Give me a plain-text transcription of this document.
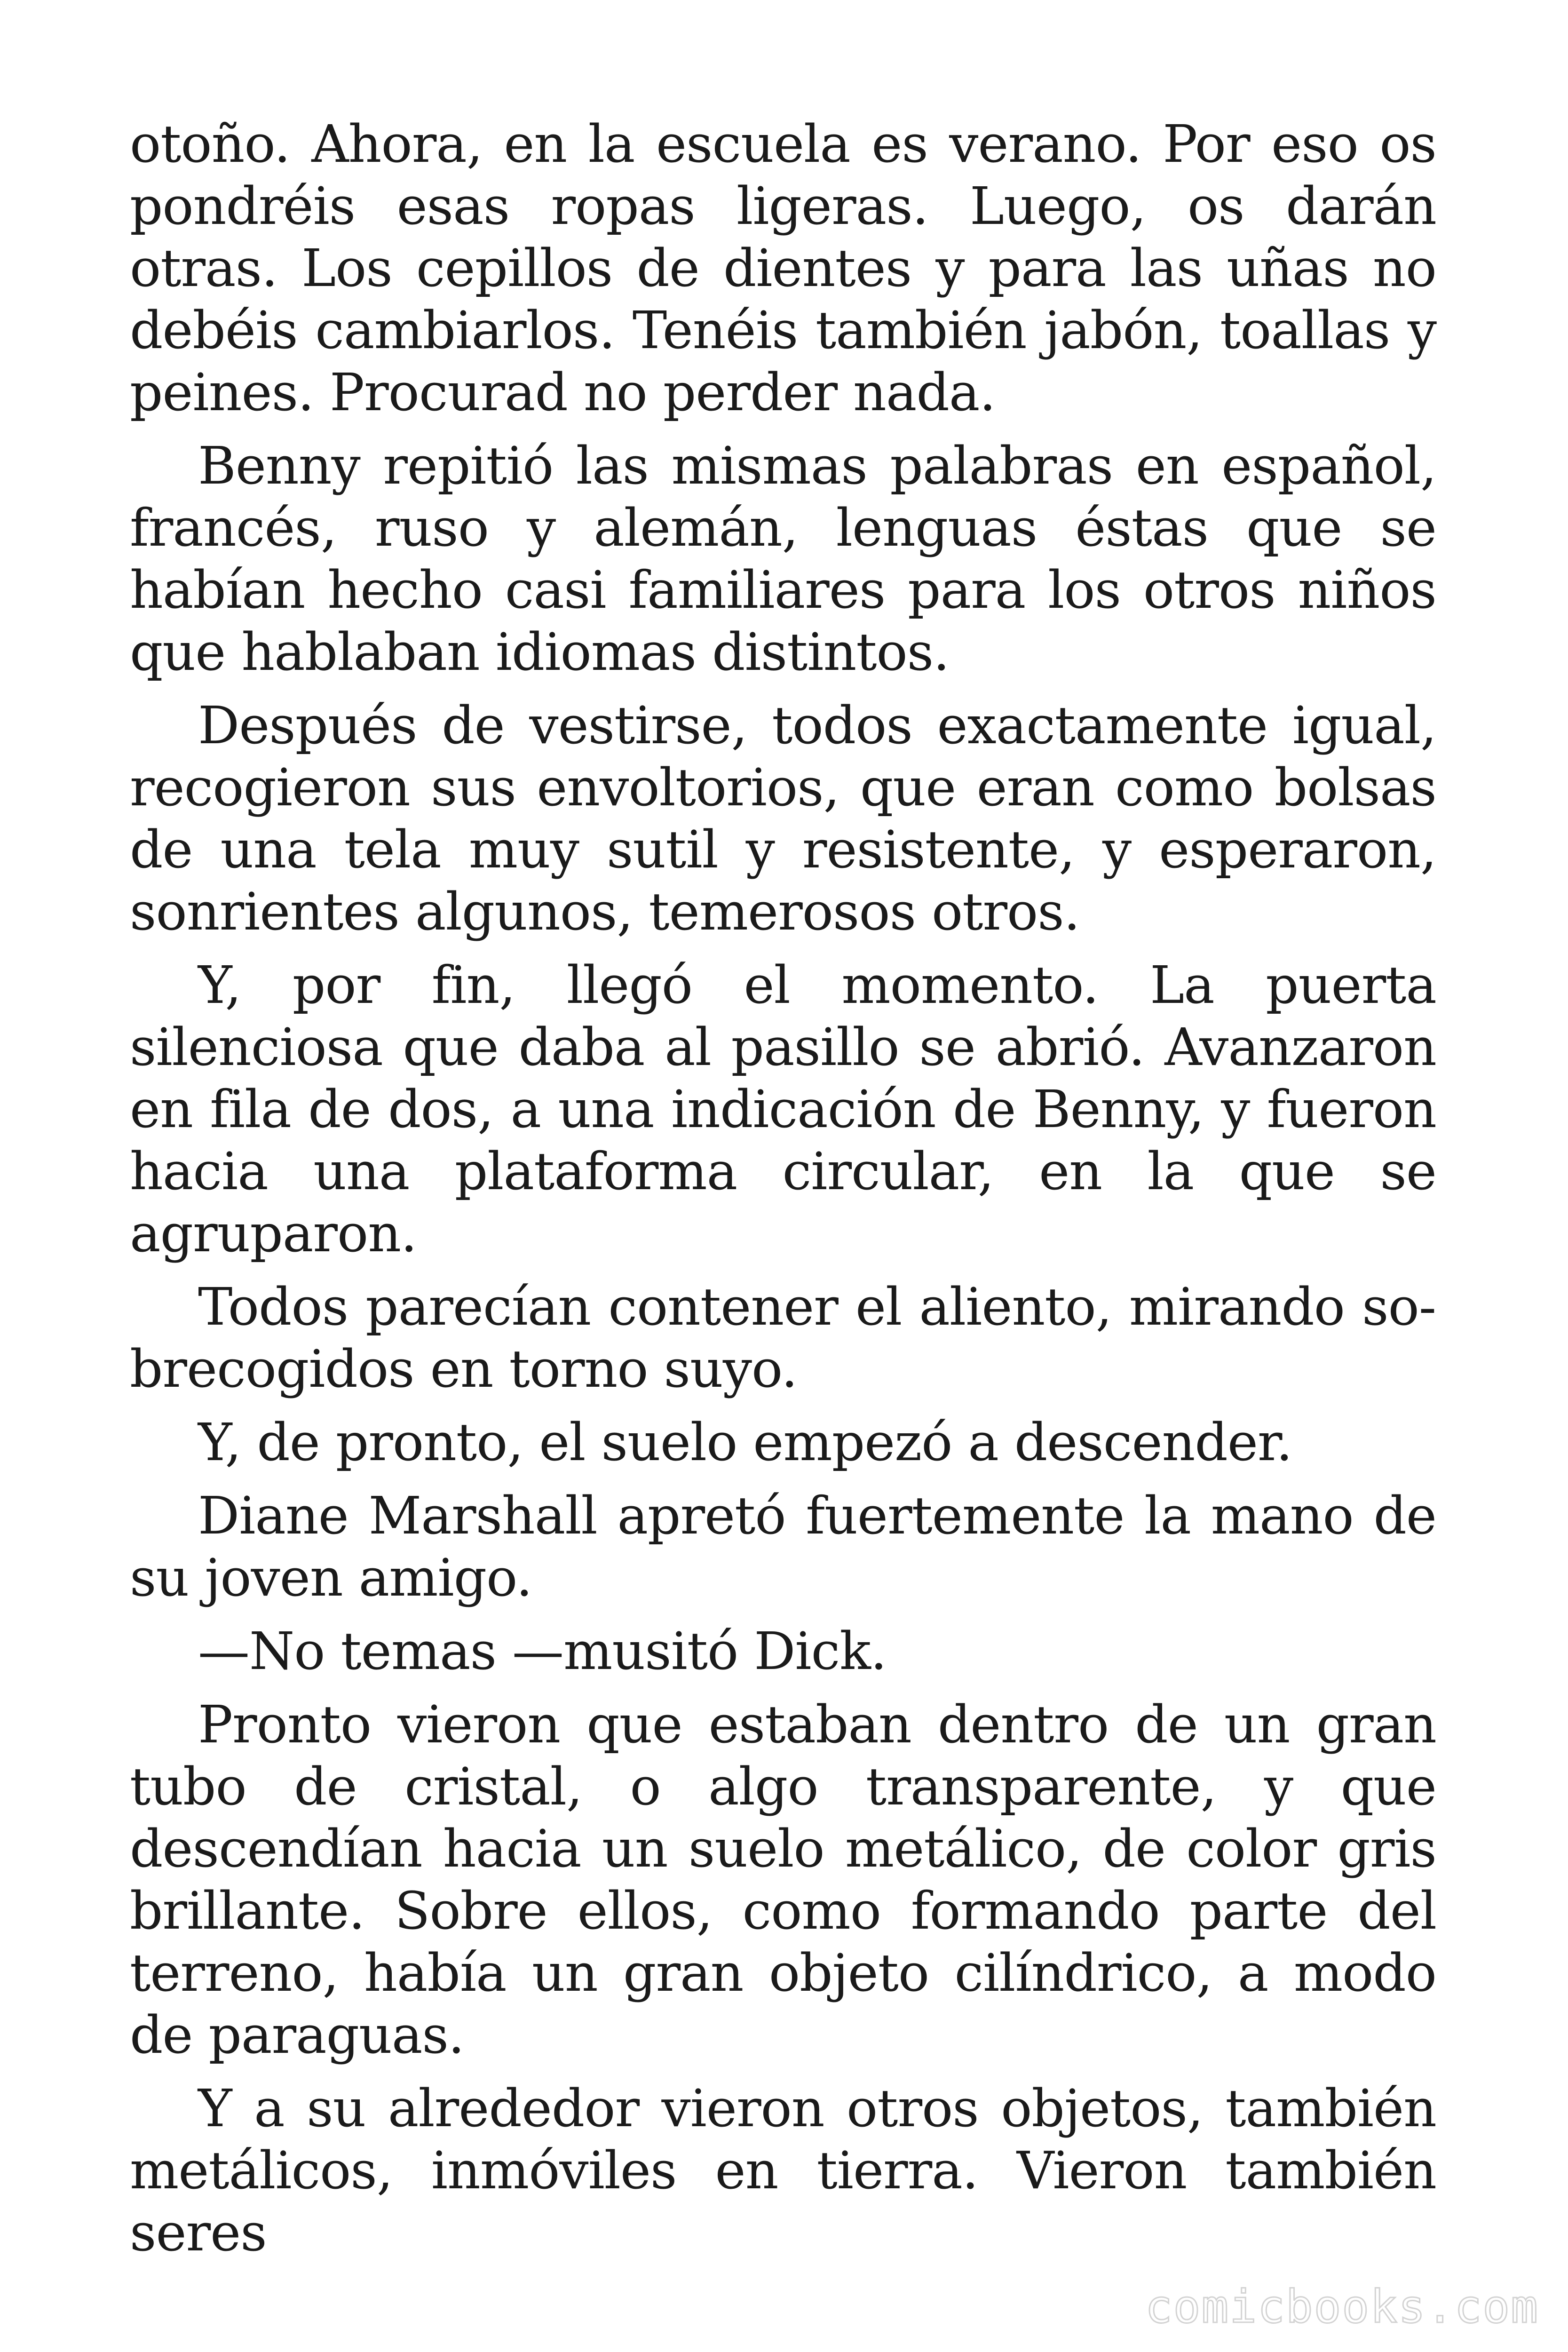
otoño. Ahora, en la escuela es verano. Por eso os pondréis esas ropas ligeras. Luego, os darán otras. Los cepillos de dientes y para las uñas no debéis cambiarlos. Tenéis también jabón, toallas y peines. Procurad no perder nada.

Benny repitió las mismas palabras en español, francés, ruso y alemán, lenguas éstas que se habían hecho casi familiares para los otros niños que hablaban idiomas distintos.

Después de vestirse, todos exactamente igual, recogieron sus envoltorios, que eran como bolsas de una tela muy sutil y resistente, y esperaron, sonrientes algunos, temerosos otros.

Y, por fin, llegó el momento. La puerta silenciosa que daba al pasillo se abrió. Avanzaron en fila de dos, a una indicación de Benny, y fueron hacia una plataforma circular, en la que se agruparon.

Todos parecían contener el aliento, mirando sobrecogidos en torno suyo.

Y, de pronto, el suelo empezó a descender.

Diane Marshall apretó fuertemente la mano de su joven amigo.

—No temas —musitó Dick.

Pronto vieron que estaban dentro de un gran tubo de cristal, o algo transparente, y que descendían hacia un suelo metálico, de color gris brillante. Sobre ellos, como formando parte del terreno, había un gran objeto cilíndrico, a modo de paraguas.

Y a su alrededor vieron otros objetos, también metálicos, inmóviles en tierra. Vieron también seres

comicbooks.com
